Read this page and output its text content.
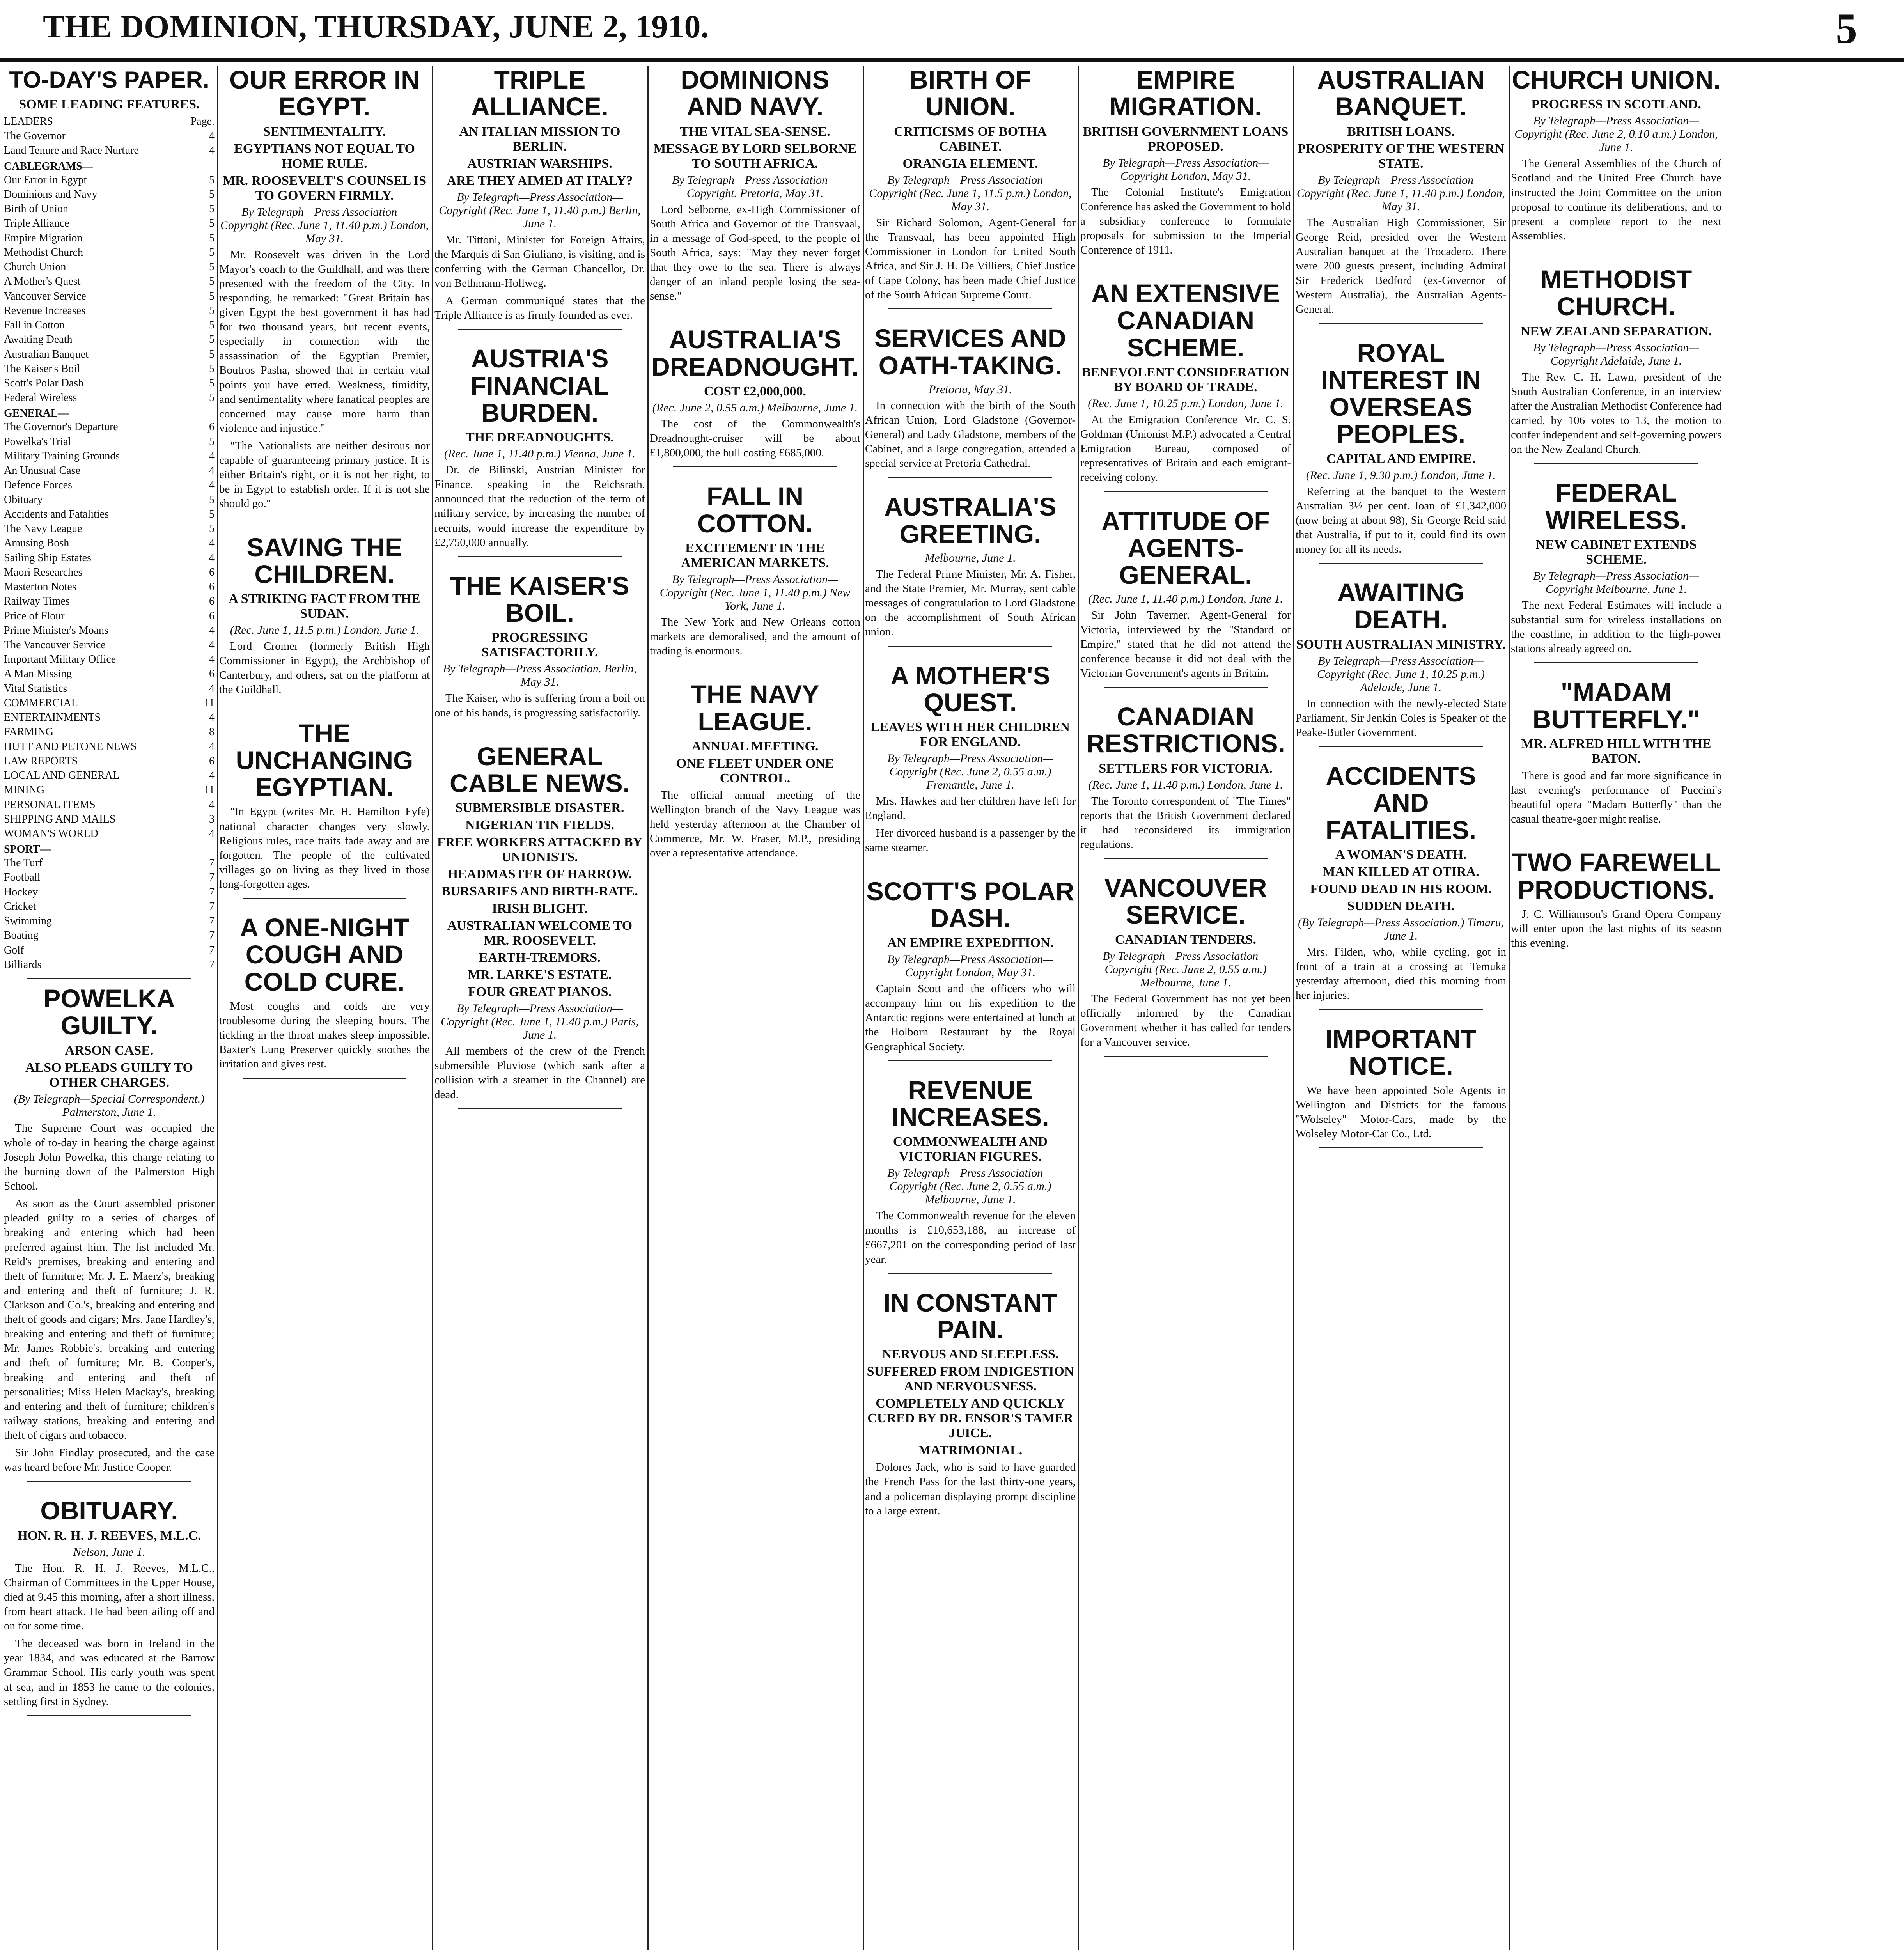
THE DOMINION, THURSDAY, JUNE 2, 1910.	5
TO-DAY'S PAPER.
SOME LEADING FEATURES.
LEADERS—	Page.
The Governor	4
Land Tenure and Race Nurture	4
CABLEGRAMS—
Our Error in Egypt	5
Dominions and Navy	5
Birth of Union	5
Triple Alliance	5
Empire Migration	5
Methodist Church	5
Church Union	5
A Mother's Quest	5
Vancouver Service	5
Revenue Increases	5
Fall in Cotton	5
Awaiting Death	5
Australian Banquet	5
The Kaiser's Boil	5
Scott's Polar Dash	5
Federal Wireless	5
GENERAL—
The Governor's Departure	6
Powelka's Trial	5
Military Training Grounds	4
An Unusual Case	4
Defence Forces	4
Obituary	5
Accidents and Fatalities	5
The Navy League	5
Amusing Bosh	4
Sailing Ship Estates	4
Maori Researches	6
Masterton Notes	6
Railway Times	6
Price of Flour	6
Prime Minister's Moans	4
The Vancouver Service	4
Important Military Office	4
A Man Missing	6
Vital Statistics	4
COMMERCIAL	11
ENTERTAINMENTS	4
FARMING	8
HUTT AND PETONE NEWS	4
LAW REPORTS	6
LOCAL AND GENERAL	4
MINING	11
PERSONAL ITEMS	4
SHIPPING AND MAILS	3
WOMAN'S WORLD	4
SPORT—
The Turf	7
Football	7
Hockey	7
Cricket	7
Swimming	7
Boating	7
Golf	7
Billiards	7
POWELKA GUILTY.
ARSON CASE.
ALSO PLEADS GUILTY TO OTHER CHARGES.
(By Telegraph—Special Correspondent.) Palmerston, June 1.

The Supreme Court was occupied the whole of to-day in hearing the charge against Joseph John Powelka, this charge relating to the burning down of the Palmerston High School.

As soon as the Court assembled prisoner pleaded guilty to a series of charges of breaking and entering which had been preferred against him. The list included Mr. Reid's premises, breaking and entering and theft of furniture; Mr. J. E. Maerz's, breaking and entering and theft of furniture; J. R. Clarkson and Co.'s, breaking and entering and theft of goods and cigars; Mrs. Jane Hardley's, breaking and entering and theft of furniture; Mr. James Robbie's, breaking and entering and theft of furniture; Mr. B. Cooper's, breaking and entering and theft of personalities; Miss Helen Mackay's, breaking and entering and theft of furniture; children's railway stations, breaking and entering and theft of cigars and tobacco.

Sir John Findlay prosecuted, and the case was heard before Mr. Justice Cooper.

OBITUARY.
HON. R. H. J. REEVES, M.L.C.
Nelson, June 1.

The Hon. R. H. J. Reeves, M.L.C., Chairman of Committees in the Upper House, died at 9.45 this morning, after a short illness, from heart attack. He had been ailing off and on for some time.

The deceased was born in Ireland in the year 1834, and was educated at the Barrow Grammar School. His early youth was spent at sea, and in 1853 he came to the colonies, settling first in Sydney.

OUR ERROR IN EGYPT.
SENTIMENTALITY.
EGYPTIANS NOT EQUAL TO HOME RULE.
MR. ROOSEVELT'S COUNSEL IS TO GOVERN FIRMLY.
By Telegraph—Press Association—Copyright (Rec. June 1, 11.40 p.m.) London, May 31.

Mr. Roosevelt was driven in the Lord Mayor's coach to the Guildhall, and was there presented with the freedom of the City. In responding, he remarked: "Great Britain has given Egypt the best government it has had for two thousand years, but recent events, especially in connection with the assassination of the Egyptian Premier, Boutros Pasha, showed that in certain vital points you have erred. Weakness, timidity, and sentimentality where fanatical peoples are concerned may cause more harm than violence and injustice."

"The Nationalists are neither desirous nor capable of guaranteeing primary justice. It is either Britain's right, or it is not her right, to be in Egypt to establish order. If it is not she should go."

SAVING THE CHILDREN.
A STRIKING FACT FROM THE SUDAN.
(Rec. June 1, 11.5 p.m.) London, June 1.

Lord Cromer (formerly British High Commissioner in Egypt), the Archbishop of Canterbury, and others, sat on the platform at the Guildhall.

THE UNCHANGING EGYPTIAN.

"In Egypt (writes Mr. H. Hamilton Fyfe) national character changes very slowly. Religious rules, race traits fade away and are forgotten. The people of the cultivated villages go on living as they lived in those long-forgotten ages.

A ONE-NIGHT COUGH AND COLD CURE.

Most coughs and colds are very troublesome during the sleeping hours. The tickling in the throat makes sleep impossible. Baxter's Lung Preserver quickly soothes the irritation and gives rest.

TRIPLE ALLIANCE.
AN ITALIAN MISSION TO BERLIN.
AUSTRIAN WARSHIPS.
ARE THEY AIMED AT ITALY?
By Telegraph—Press Association—Copyright (Rec. June 1, 11.40 p.m.) Berlin, June 1.

Mr. Tittoni, Minister for Foreign Affairs, the Marquis di San Giuliano, is visiting, and is conferring with the German Chancellor, Dr. von Bethmann-Hollweg.

A German communiqué states that the Triple Alliance is as firmly founded as ever.

AUSTRIA'S FINANCIAL BURDEN.
THE DREADNOUGHTS.
(Rec. June 1, 11.40 p.m.) Vienna, June 1.

Dr. de Bilinski, Austrian Minister for Finance, speaking in the Reichsrath, announced that the reduction of the term of military service, by increasing the number of recruits, would increase the expenditure by £2,750,000 annually.

THE KAISER'S BOIL.
PROGRESSING SATISFACTORILY.
By Telegraph—Press Association. Berlin, May 31.

The Kaiser, who is suffering from a boil on one of his hands, is progressing satisfactorily.

GENERAL CABLE NEWS.
SUBMERSIBLE DISASTER.
NIGERIAN TIN FIELDS.
FREE WORKERS ATTACKED BY UNIONISTS.
HEADMASTER OF HARROW.
BURSARIES AND BIRTH-RATE.
IRISH BLIGHT.
AUSTRALIAN WELCOME TO MR. ROOSEVELT.
EARTH-TREMORS.
MR. LARKE'S ESTATE.
FOUR GREAT PIANOS.
By Telegraph—Press Association—Copyright (Rec. June 1, 11.40 p.m.) Paris, June 1.

All members of the crew of the French submersible Pluviose (which sank after a collision with a steamer in the Channel) are dead.

DOMINIONS AND NAVY.
THE VITAL SEA-SENSE.
MESSAGE BY LORD SELBORNE TO SOUTH AFRICA.
By Telegraph—Press Association—Copyright. Pretoria, May 31.

Lord Selborne, ex-High Commissioner of South Africa and Governor of the Transvaal, in a message of God-speed, to the people of South Africa, says: "May they never forget that they owe to the sea. There is always danger of an inland people losing the sea-sense."

AUSTRALIA'S DREADNOUGHT.
COST £2,000,000.
(Rec. June 2, 0.55 a.m.) Melbourne, June 1.

The cost of the Commonwealth's Dreadnought-cruiser will be about £1,800,000, the hull costing £685,000.

FALL IN COTTON.
EXCITEMENT IN THE AMERICAN MARKETS.
By Telegraph—Press Association—Copyright (Rec. June 1, 11.40 p.m.) New York, June 1.

The New York and New Orleans cotton markets are demoralised, and the amount of trading is enormous.

THE NAVY LEAGUE.
ANNUAL MEETING.
ONE FLEET UNDER ONE CONTROL.

The official annual meeting of the Wellington branch of the Navy League was held yesterday afternoon at the Chamber of Commerce, Mr. W. Fraser, M.P., presiding over a representative attendance.

BIRTH OF UNION.
CRITICISMS OF BOTHA CABINET.
ORANGIA ELEMENT.
By Telegraph—Press Association—Copyright (Rec. June 1, 11.5 p.m.) London, May 31.

Sir Richard Solomon, Agent-General for the Transvaal, has been appointed High Commissioner in London for United South Africa, and Sir J. H. De Villiers, Chief Justice of Cape Colony, has been made Chief Justice of the South African Supreme Court.

SERVICES AND OATH-TAKING.
Pretoria, May 31.

In connection with the birth of the South African Union, Lord Gladstone (Governor-General) and Lady Gladstone, members of the Cabinet, and a large congregation, attended a special service at Pretoria Cathedral.

AUSTRALIA'S GREETING.
Melbourne, June 1.

The Federal Prime Minister, Mr. A. Fisher, and the State Premier, Mr. Murray, sent cable messages of congratulation to Lord Gladstone on the accomplishment of South African union.

A MOTHER'S QUEST.
LEAVES WITH HER CHILDREN FOR ENGLAND.
By Telegraph—Press Association—Copyright (Rec. June 2, 0.55 a.m.) Fremantle, June 1.

Mrs. Hawkes and her children have left for England.

Her divorced husband is a passenger by the same steamer.

SCOTT'S POLAR DASH.
AN EMPIRE EXPEDITION.
By Telegraph—Press Association—Copyright London, May 31.

Captain Scott and the officers who will accompany him on his expedition to the Antarctic regions were entertained at lunch at the Holborn Restaurant by the Royal Geographical Society.

REVENUE INCREASES.
COMMONWEALTH AND VICTORIAN FIGURES.
By Telegraph—Press Association—Copyright (Rec. June 2, 0.55 a.m.) Melbourne, June 1.

The Commonwealth revenue for the eleven months is £10,653,188, an increase of £667,201 on the corresponding period of last year.

IN CONSTANT PAIN.
NERVOUS AND SLEEPLESS.
SUFFERED FROM INDIGESTION AND NERVOUSNESS.
COMPLETELY AND QUICKLY CURED BY DR. ENSOR'S TAMER JUICE.
MATRIMONIAL.

Dolores Jack, who is said to have guarded the French Pass for the last thirty-one years, and a policeman displaying prompt discipline to a large extent.

EMPIRE MIGRATION.
BRITISH GOVERNMENT LOANS PROPOSED.
By Telegraph—Press Association—Copyright London, May 31.

The Colonial Institute's Emigration Conference has asked the Government to hold a subsidiary conference to formulate proposals for submission to the Imperial Conference of 1911.

AN EXTENSIVE CANADIAN SCHEME.
BENEVOLENT CONSIDERATION BY BOARD OF TRADE.
(Rec. June 1, 10.25 p.m.) London, June 1.

At the Emigration Conference Mr. C. S. Goldman (Unionist M.P.) advocated a Central Emigration Bureau, composed of representatives of Britain and each emigrant-receiving colony.

ATTITUDE OF AGENTS-GENERAL.
(Rec. June 1, 11.40 p.m.) London, June 1.

Sir John Taverner, Agent-General for Victoria, interviewed by the "Standard of Empire," stated that he did not attend the conference because it did not deal with the Victorian Government's agents in Britain.

CANADIAN RESTRICTIONS.
SETTLERS FOR VICTORIA.
(Rec. June 1, 11.40 p.m.) London, June 1.

The Toronto correspondent of "The Times" reports that the British Government declared it had reconsidered its immigration regulations.

VANCOUVER SERVICE.
CANADIAN TENDERS.
By Telegraph—Press Association—Copyright (Rec. June 2, 0.55 a.m.) Melbourne, June 1.

The Federal Government has not yet been officially informed by the Canadian Government whether it has called for tenders for a Vancouver service.

AUSTRALIAN BANQUET.
BRITISH LOANS.
PROSPERITY OF THE WESTERN STATE.
By Telegraph—Press Association—Copyright (Rec. June 1, 11.40 p.m.) London, May 31.

The Australian High Commissioner, Sir George Reid, presided over the Western Australian banquet at the Trocadero. There were 200 guests present, including Admiral Sir Frederick Bedford (ex-Governor of Western Australia), the Australian Agents-General.

ROYAL INTEREST IN OVERSEAS PEOPLES.
CAPITAL AND EMPIRE.
(Rec. June 1, 9.30 p.m.) London, June 1.

Referring at the banquet to the Western Australian 3½ per cent. loan of £1,342,000 (now being at about 98), Sir George Reid said that Australia, if put to it, could find its own money for all its needs.

AWAITING DEATH.
SOUTH AUSTRALIAN MINISTRY.
By Telegraph—Press Association—Copyright (Rec. June 1, 10.25 p.m.) Adelaide, June 1.

In connection with the newly-elected State Parliament, Sir Jenkin Coles is Speaker of the Peake-Butler Government.

ACCIDENTS AND FATALITIES.
A WOMAN'S DEATH.
MAN KILLED AT OTIRA.
FOUND DEAD IN HIS ROOM.
SUDDEN DEATH.
(By Telegraph—Press Association.) Timaru, June 1.

Mrs. Filden, who, while cycling, got in front of a train at a crossing at Temuka yesterday afternoon, died this morning from her injuries.

IMPORTANT NOTICE.

We have been appointed Sole Agents in Wellington and Districts for the famous "Wolseley" Motor-Cars, made by the Wolseley Motor-Car Co., Ltd.

CHURCH UNION.
PROGRESS IN SCOTLAND.
By Telegraph—Press Association—Copyright (Rec. June 2, 0.10 a.m.) London, June 1.

The General Assemblies of the Church of Scotland and the United Free Church have instructed the Joint Committee on the union proposal to continue its deliberations, and to present a complete report to the next Assemblies.

METHODIST CHURCH.
NEW ZEALAND SEPARATION.
By Telegraph—Press Association—Copyright Adelaide, June 1.

The Rev. C. H. Lawn, president of the South Australian Conference, in an interview after the Australian Methodist Conference had carried, by 106 votes to 13, the motion to confer independent and self-governing powers on the New Zealand Church.

FEDERAL WIRELESS.
NEW CABINET EXTENDS SCHEME.
By Telegraph—Press Association—Copyright Melbourne, June 1.

The next Federal Estimates will include a substantial sum for wireless installations on the coastline, in addition to the high-power stations already agreed on.

"MADAM BUTTERFLY."
MR. ALFRED HILL WITH THE BATON.

There is good and far more significance in last evening's performance of Puccini's beautiful opera "Madam Butterfly" than the casual theatre-goer might realise.

TWO FAREWELL PRODUCTIONS.

J. C. Williamson's Grand Opera Company will enter upon the last nights of its season this evening.
